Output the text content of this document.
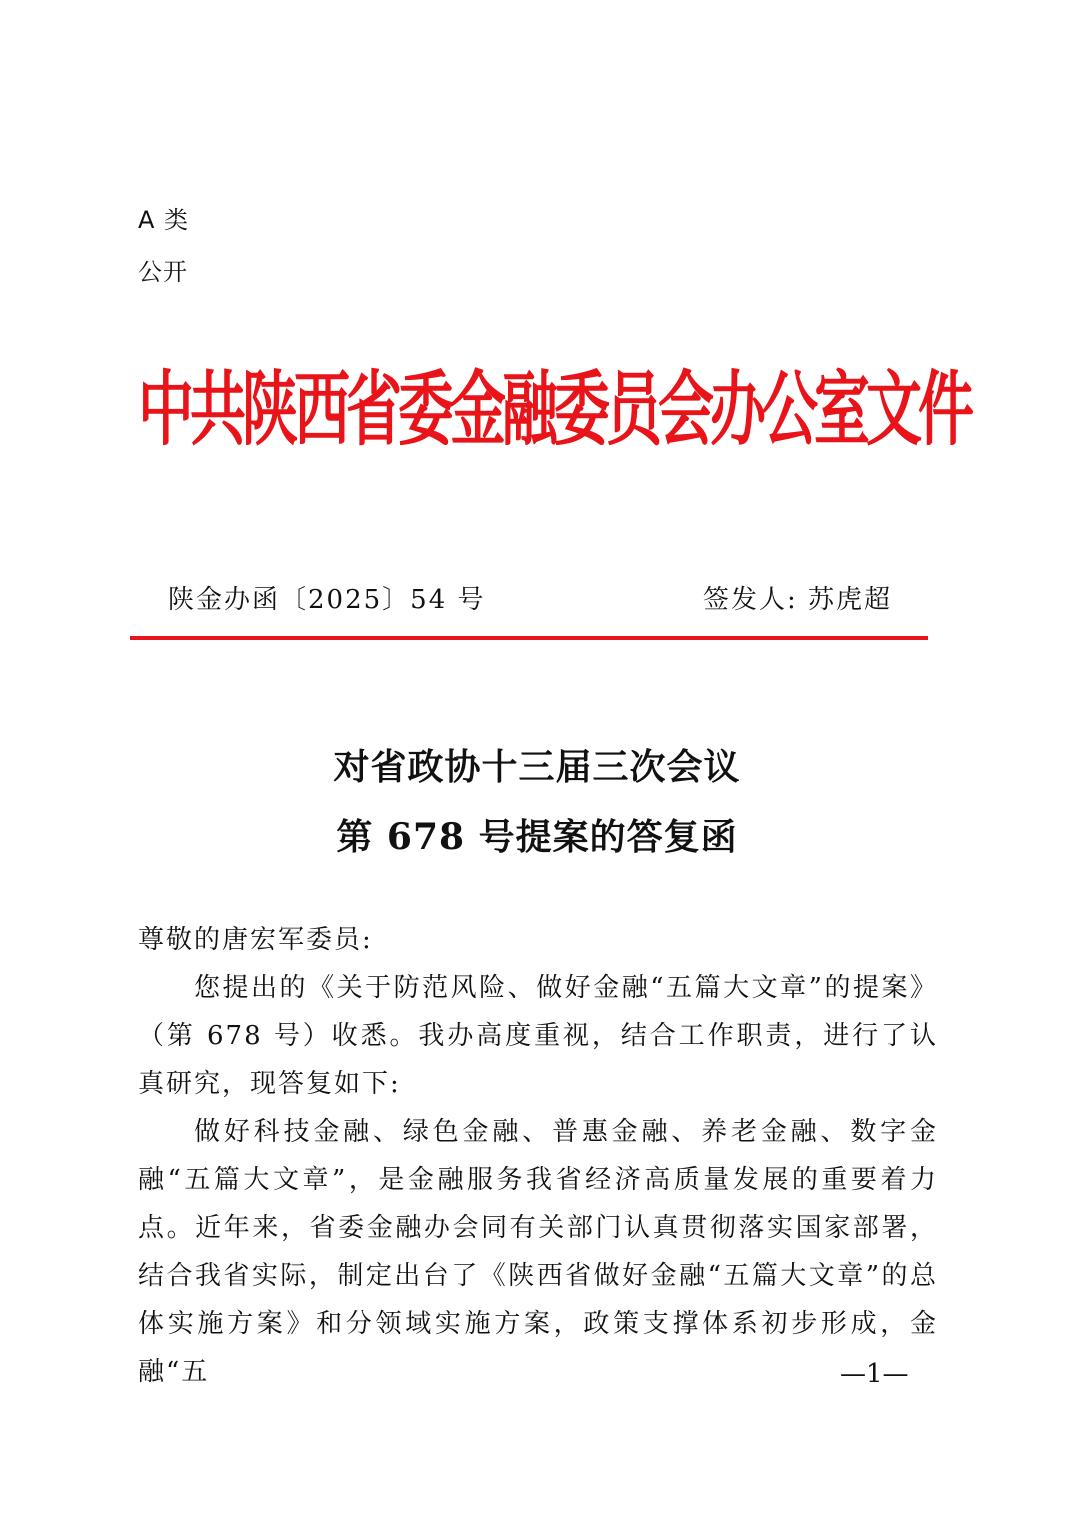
A 类
公开
中共陕西省委金融委员会办公室文件
陕金办函〔2025〕54 号	签发人: 苏虎超
对省政协十三届三次会议
第 678 号提案的答复函
尊敬的唐宏军委员:
您提出的《关于防范风险、做好金融“五篇大文章”的提案》（第 678 号）收悉。我办高度重视，结合工作职责，进行了认真研究，现答复如下:
做好科技金融、绿色金融、普惠金融、养老金融、数字金融“五篇大文章”，是金融服务我省经济高质量发展的重要着力点。近年来，省委金融办会同有关部门认真贯彻落实国家部署，结合我省实际，制定出台了《陕西省做好金融“五篇大文章”的总体实施方案》和分领域实施方案，政策支撑体系初步形成，金融“五	—1—
